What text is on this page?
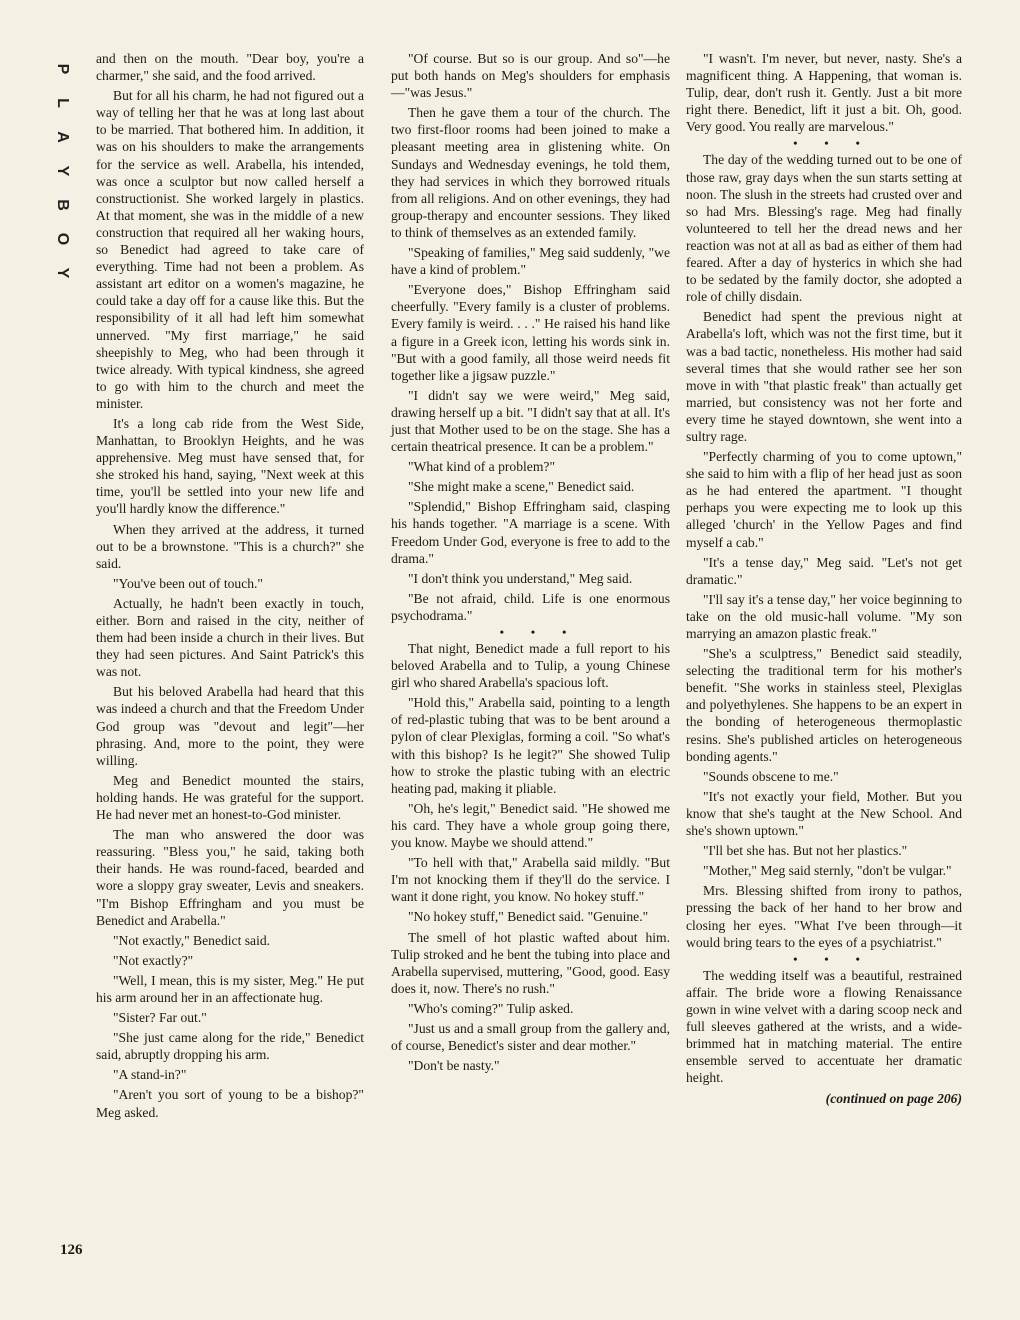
P
L
A
Y
B
O
Y

and then on the mouth. "Dear boy, you're a charmer," she said, and the food arrived.

But for all his charm, he had not figured out a way of telling her that he was at long last about to be married. That bothered him. In addition, it was on his shoulders to make the arrangements for the service as well. Arabella, his intended, was once a sculptor but now called herself a constructionist. She worked largely in plastics. At that moment, she was in the middle of a new construction that required all her waking hours, so Benedict had agreed to take care of everything. Time had not been a problem. As assistant art editor on a women's magazine, he could take a day off for a cause like this. But the responsibility of it all had left him somewhat unnerved. "My first marriage," he said sheepishly to Meg, who had been through it twice already. With typical kindness, she agreed to go with him to the church and meet the minister.

It's a long cab ride from the West Side, Manhattan, to Brooklyn Heights, and he was apprehensive. Meg must have sensed that, for she stroked his hand, saying, "Next week at this time, you'll be settled into your new life and you'll hardly know the difference."

When they arrived at the address, it turned out to be a brownstone. "This is a church?" she said.

"You've been out of touch."

Actually, he hadn't been exactly in touch, either. Born and raised in the city, neither of them had been inside a church in their lives. But they had seen pictures. And Saint Patrick's this was not.

But his beloved Arabella had heard that this was indeed a church and that the Freedom Under God group was "devout and legit"—her phrasing. And, more to the point, they were willing.

Meg and Benedict mounted the stairs, holding hands. He was grateful for the support. He had never met an honest-to-God minister.

The man who answered the door was reassuring. "Bless you," he said, taking both their hands. He was round-faced, bearded and wore a sloppy gray sweater, Levis and sneakers. "I'm Bishop Effringham and you must be Benedict and Arabella."

"Not exactly," Benedict said.

"Not exactly?"

"Well, I mean, this is my sister, Meg." He put his arm around her in an affectionate hug.

"Sister? Far out."

"She just came along for the ride," Benedict said, abruptly dropping his arm.

"A stand-in?"

"Aren't you sort of young to be a bishop?" Meg asked.

"Of course. But so is our group. And so"—he put both hands on Meg's shoulders for emphasis—"was Jesus."

Then he gave them a tour of the church. The two first-floor rooms had been joined to make a pleasant meeting area in glistening white. On Sundays and Wednesday evenings, he told them, they had services in which they borrowed rituals from all religions. And on other evenings, they had group-therapy and encounter sessions. They liked to think of themselves as an extended family.

"Speaking of families," Meg said suddenly, "we have a kind of problem."

"Everyone does," Bishop Effringham said cheerfully. "Every family is a cluster of problems. Every family is weird. . . ." He raised his hand like a figure in a Greek icon, letting his words sink in. "But with a good family, all those weird needs fit together like a jigsaw puzzle."

"I didn't say we were weird," Meg said, drawing herself up a bit. "I didn't say that at all. It's just that Mother used to be on the stage. She has a certain theatrical presence. It can be a problem."

"What kind of a problem?"

"She might make a scene," Benedict said.

"Splendid," Bishop Effringham said, clasping his hands together. "A marriage is a scene. With Freedom Under God, everyone is free to add to the drama."

"I don't think you understand," Meg said.

"Be not afraid, child. Life is one enormous psychodrama."

• • •

That night, Benedict made a full report to his beloved Arabella and to Tulip, a young Chinese girl who shared Arabella's spacious loft.

"Hold this," Arabella said, pointing to a length of red-plastic tubing that was to be bent around a pylon of clear Plexiglas, forming a coil. "So what's with this bishop? Is he legit?" She showed Tulip how to stroke the plastic tubing with an electric heating pad, making it pliable.

"Oh, he's legit," Benedict said. "He showed me his card. They have a whole group going there, you know. Maybe we should attend."

"To hell with that," Arabella said mildly. "But I'm not knocking them if they'll do the service. I want it done right, you know. No hokey stuff."

"No hokey stuff," Benedict said. "Genuine."

The smell of hot plastic wafted about him. Tulip stroked and he bent the tubing into place and Arabella supervised, muttering, "Good, good. Easy does it, now. There's no rush."

"Who's coming?" Tulip asked.

"Just us and a small group from the gallery and, of course, Benedict's sister and dear mother."

"Don't be nasty."

"I wasn't. I'm never, but never, nasty. She's a magnificent thing. A Happening, that woman is. Tulip, dear, don't rush it. Gently. Just a bit more right there. Benedict, lift it just a bit. Oh, good. Very good. You really are marvelous."

• • •

The day of the wedding turned out to be one of those raw, gray days when the sun starts setting at noon. The slush in the streets had crusted over and so had Mrs. Blessing's rage. Meg had finally volunteered to tell her the dread news and her reaction was not at all as bad as either of them had feared. After a day of hysterics in which she had to be sedated by the family doctor, she adopted a role of chilly disdain.

Benedict had spent the previous night at Arabella's loft, which was not the first time, but it was a bad tactic, nonetheless. His mother had said several times that she would rather see her son move in with "that plastic freak" than actually get married, but consistency was not her forte and every time he stayed downtown, she went into a sultry rage.

"Perfectly charming of you to come uptown," she said to him with a flip of her head just as soon as he had entered the apartment. "I thought perhaps you were expecting me to look up this alleged 'church' in the Yellow Pages and find myself a cab."

"It's a tense day," Meg said. "Let's not get dramatic."

"I'll say it's a tense day," her voice beginning to take on the old music-hall volume. "My son marrying an amazon plastic freak."

"She's a sculptress," Benedict said steadily, selecting the traditional term for his mother's benefit. "She works in stainless steel, Plexiglas and polyethylenes. She happens to be an expert in the bonding of heterogeneous thermoplastic resins. She's published articles on heterogeneous bonding agents."

"Sounds obscene to me."

"It's not exactly your field, Mother. But you know that she's taught at the New School. And she's shown uptown."

"I'll bet she has. But not her plastics."

"Mother," Meg said sternly, "don't be vulgar."

Mrs. Blessing shifted from irony to pathos, pressing the back of her hand to her brow and closing her eyes. "What I've been through—it would bring tears to the eyes of a psychiatrist."

• • •

The wedding itself was a beautiful, restrained affair. The bride wore a flowing Renaissance gown in wine velvet with a daring scoop neck and full sleeves gathered at the wrists, and a wide-brimmed hat in matching material. The entire ensemble served to accentuate her dramatic height.

(continued on page 206)
126
